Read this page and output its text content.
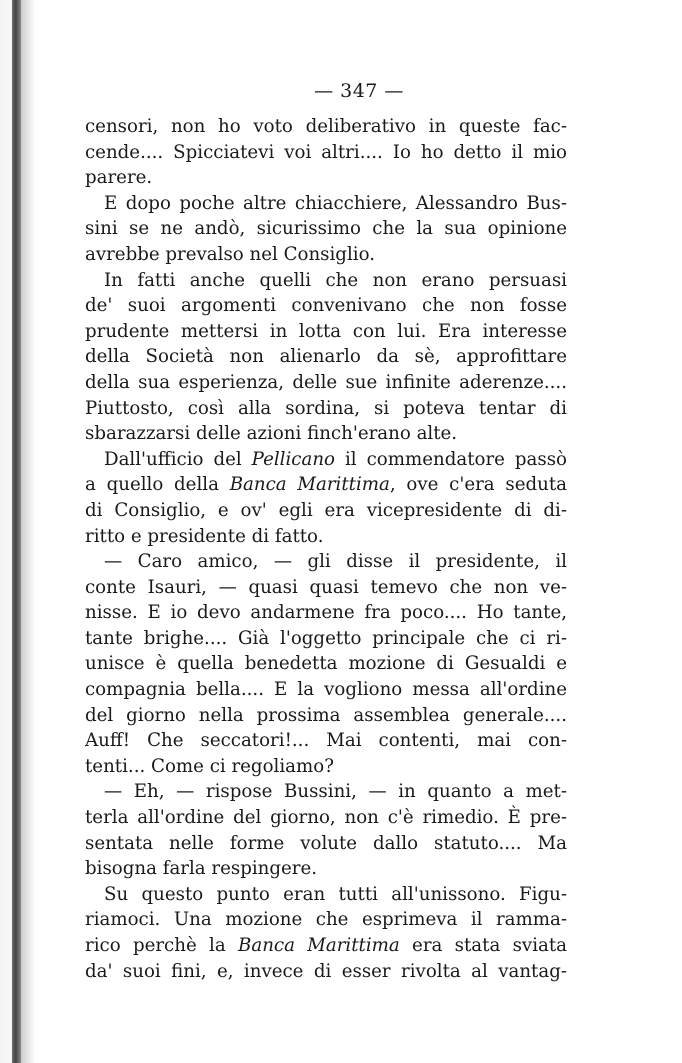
— 347 —
censori, non ho voto deliberativo in queste fac-
cende.... Spicciatevi voi altri.... Io ho detto il mio
parere.
E dopo poche altre chiacchiere, Alessandro Bus-
sini se ne andò, sicurissimo che la sua opinione
avrebbe prevalso nel Consiglio.
In fatti anche quelli che non erano persuasi
de' suoi argomenti convenivano che non fosse
prudente mettersi in lotta con lui. Era interesse
della Società non alienarlo da sè, approfittare
della sua esperienza, delle sue infinite aderenze....
Piuttosto, così alla sordina, si poteva tentar di
sbarazzarsi delle azioni finch'erano alte.
Dall'ufficio del Pellicano il commendatore passò
a quello della Banca Marittima, ove c'era seduta
di Consiglio, e ov' egli era vicepresidente di di-
ritto e presidente di fatto.
— Caro amico, — gli disse il presidente, il
conte Isauri, — quasi quasi temevo che non ve-
nisse. E io devo andarmene fra poco.... Ho tante,
tante brighe.... Già l'oggetto principale che ci ri-
unisce è quella benedetta mozione di Gesualdi e
compagnia bella.... E la vogliono messa all'ordine
del giorno nella prossima assemblea generale....
Auff! Che seccatori!... Mai contenti, mai con-
tenti... Come ci regoliamo?
— Eh, — rispose Bussini, — in quanto a met-
terla all'ordine del giorno, non c'è rimedio. È pre-
sentata nelle forme volute dallo statuto.... Ma
bisogna farla respingere.
Su questo punto eran tutti all'unissono. Figu-
riamoci. Una mozione che esprimeva il ramma-
rico perchè la Banca Marittima era stata sviata
da' suoi fini, e, invece di esser rivolta al vantag-
